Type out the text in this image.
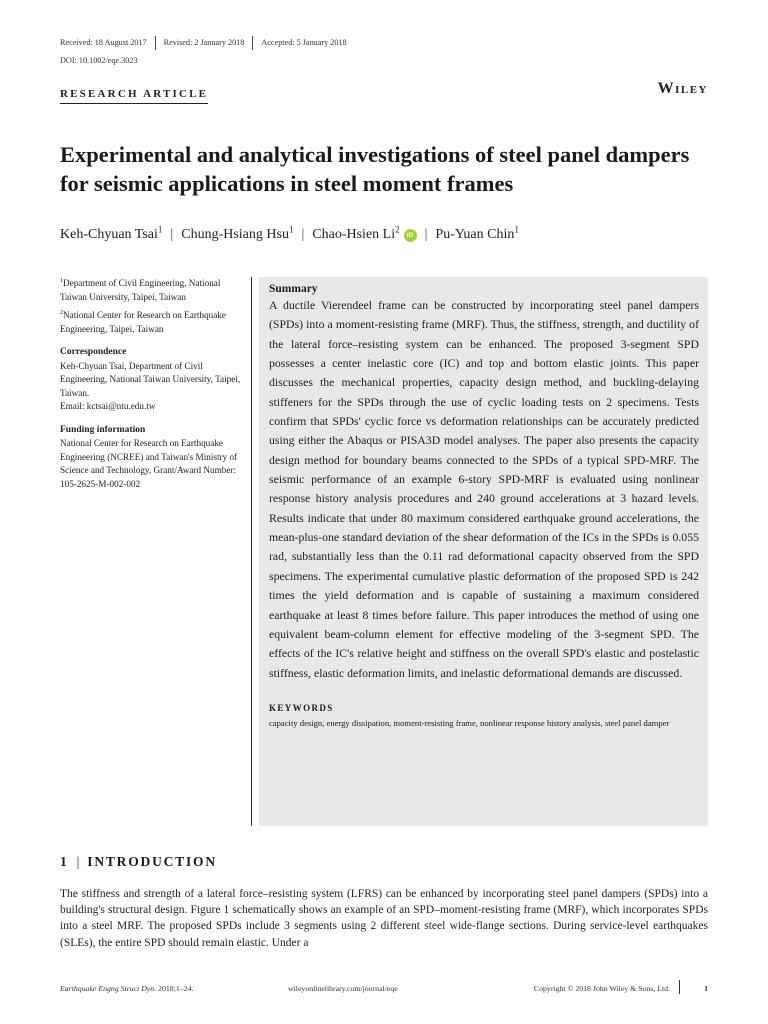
Received: 18 August 2017	Revised: 2 January 2018	Accepted: 5 January 2018
DOI: 10.1002/eqe.3023
RESEARCH ARTICLE	Wiley
Experimental and analytical investigations of steel panel dampers for seismic applications in steel moment frames
Keh-Chyuan Tsai$^1$ | Chung-Hsiang Hsu$^1$ | Chao-Hsien Li$^2$
iD | Pu-Yuan Chin$^1$

$^1$Department of Civil Engineering, National Taiwan University, Taipei, Taiwan

$^2$National Center for Research on Earthquake Engineering, Taipei, Taiwan

Correspondence

Keh-Chyuan Tsai, Department of Civil Engineering, National Taiwan University, Taipei, Taiwan.

Email: kctsai@ntu.edu.tw

Funding information

National Center for Research on Earthquake Engineering (NCREE) and Taiwan's Ministry of Science and Technology, Grant/Award Number: 105-2625-M-002-002

Summary

A ductile Vierendeel frame can be constructed by incorporating steel panel dampers (SPDs) into a moment-resisting frame (MRF). Thus, the stiffness, strength, and ductility of the lateral force–resisting system can be enhanced. The proposed 3-segment SPD possesses a center inelastic core (IC) and top and bottom elastic joints. This paper discusses the mechanical properties, capacity design method, and buckling-delaying stiffeners for the SPDs through the use of cyclic loading tests on 2 specimens. Tests confirm that SPDs' cyclic force vs deformation relationships can be accurately predicted using either the Abaqus or PISA3D model analyses. The paper also presents the capacity design method for boundary beams connected to the SPDs of a typical SPD-MRF. The seismic performance of an example 6-story SPD-MRF is evaluated using nonlinear response history analysis procedures and 240 ground accelerations at 3 hazard levels. Results indicate that under 80 maximum considered earthquake ground accelerations, the mean-plus-one standard deviation of the shear deformation of the ICs in the SPDs is 0.055 rad, substantially less than the 0.11 rad deformational capacity observed from the SPD specimens. The experimental cumulative plastic deformation of the proposed SPD is 242 times the yield deformation and is capable of sustaining a maximum considered earthquake at least 8 times before failure. This paper introduces the method of using one equivalent beam-column element for effective modeling of the 3-segment SPD. The effects of the IC's relative height and stiffness on the overall SPD's elastic and postelastic stiffness, elastic deformation limits, and inelastic deformational demands are discussed.

KEYWORDS

capacity design, energy dissipation, moment-resisting frame, nonlinear response history analysis, steel panel damper

1 | INTRODUCTION

The stiffness and strength of a lateral force–resisting system (LFRS) can be enhanced by incorporating steel panel dampers (SPDs) into a building's structural design. Figure 1 schematically shows an example of an SPD–moment-resisting frame (MRF), which incorporates SPDs into a steel MRF. The proposed SPDs include 3 segments using 2 different steel wide-flange sections. During service-level earthquakes (SLEs), the entire SPD should remain elastic. Under a

Earthquake Engng Struct Dyn. 2018;1–24.	wileyonlinelibrary.com/journal/eqe	Copyright © 2018 John Wiley & Sons, Ltd.	1
